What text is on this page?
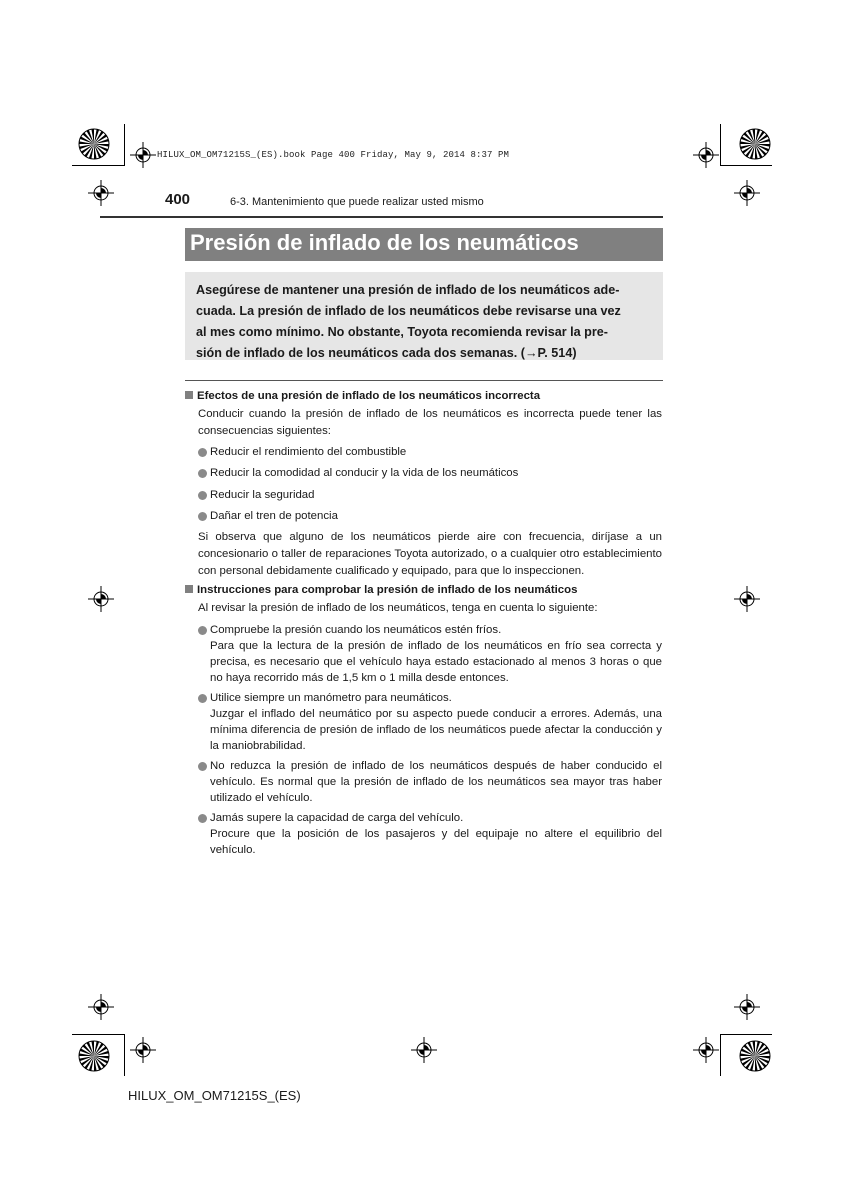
HILUX_OM_OM71215S_(ES).book Page 400 Friday, May 9, 2014 8:37 PM
400	6-3. Mantenimiento que puede realizar usted mismo
Presión de inflado de los neumáticos
Asegúrese de mantener una presión de inflado de los neumáticos ade-
cuada. La presión de inflado de los neumáticos debe revisarse una vez
al mes como mínimo. No obstante, Toyota recomienda revisar la pre-
sión de inflado de los neumáticos cada dos semanas. (→P. 514)
Efectos de una presión de inflado de los neumáticos incorrecta
Conducir cuando la presión de inflado de los neumáticos es incorrecta puede tener las consecuencias siguientes:
Reducir el rendimiento del combustible
Reducir la comodidad al conducir y la vida de los neumáticos
Reducir la seguridad
Dañar el tren de potencia
Si observa que alguno de los neumáticos pierde aire con frecuencia, diríjase a un concesionario o taller de reparaciones Toyota autorizado, o a cualquier otro establecimiento con personal debidamente cualificado y equipado, para que lo inspeccionen.
Instrucciones para comprobar la presión de inflado de los neumáticos
Al revisar la presión de inflado de los neumáticos, tenga en cuenta lo siguiente:
Compruebe la presión cuando los neumáticos estén fríos.
Para que la lectura de la presión de inflado de los neumáticos en frío sea correcta y precisa, es necesario que el vehículo haya estado estacionado al menos 3 horas o que no haya recorrido más de 1,5 km o 1 milla desde entonces.
Utilice siempre un manómetro para neumáticos.
Juzgar el inflado del neumático por su aspecto puede conducir a errores. Además, una mínima diferencia de presión de inflado de los neumáticos puede afectar la conducción y la maniobrabilidad.
No reduzca la presión de inflado de los neumáticos después de haber conducido el vehículo. Es normal que la presión de inflado de los neumáticos sea mayor tras haber utilizado el vehículo.
Jamás supere la capacidad de carga del vehículo.
Procure que la posición de los pasajeros y del equipaje no altere el equilibrio del vehículo.
HILUX_OM_OM71215S_(ES)
